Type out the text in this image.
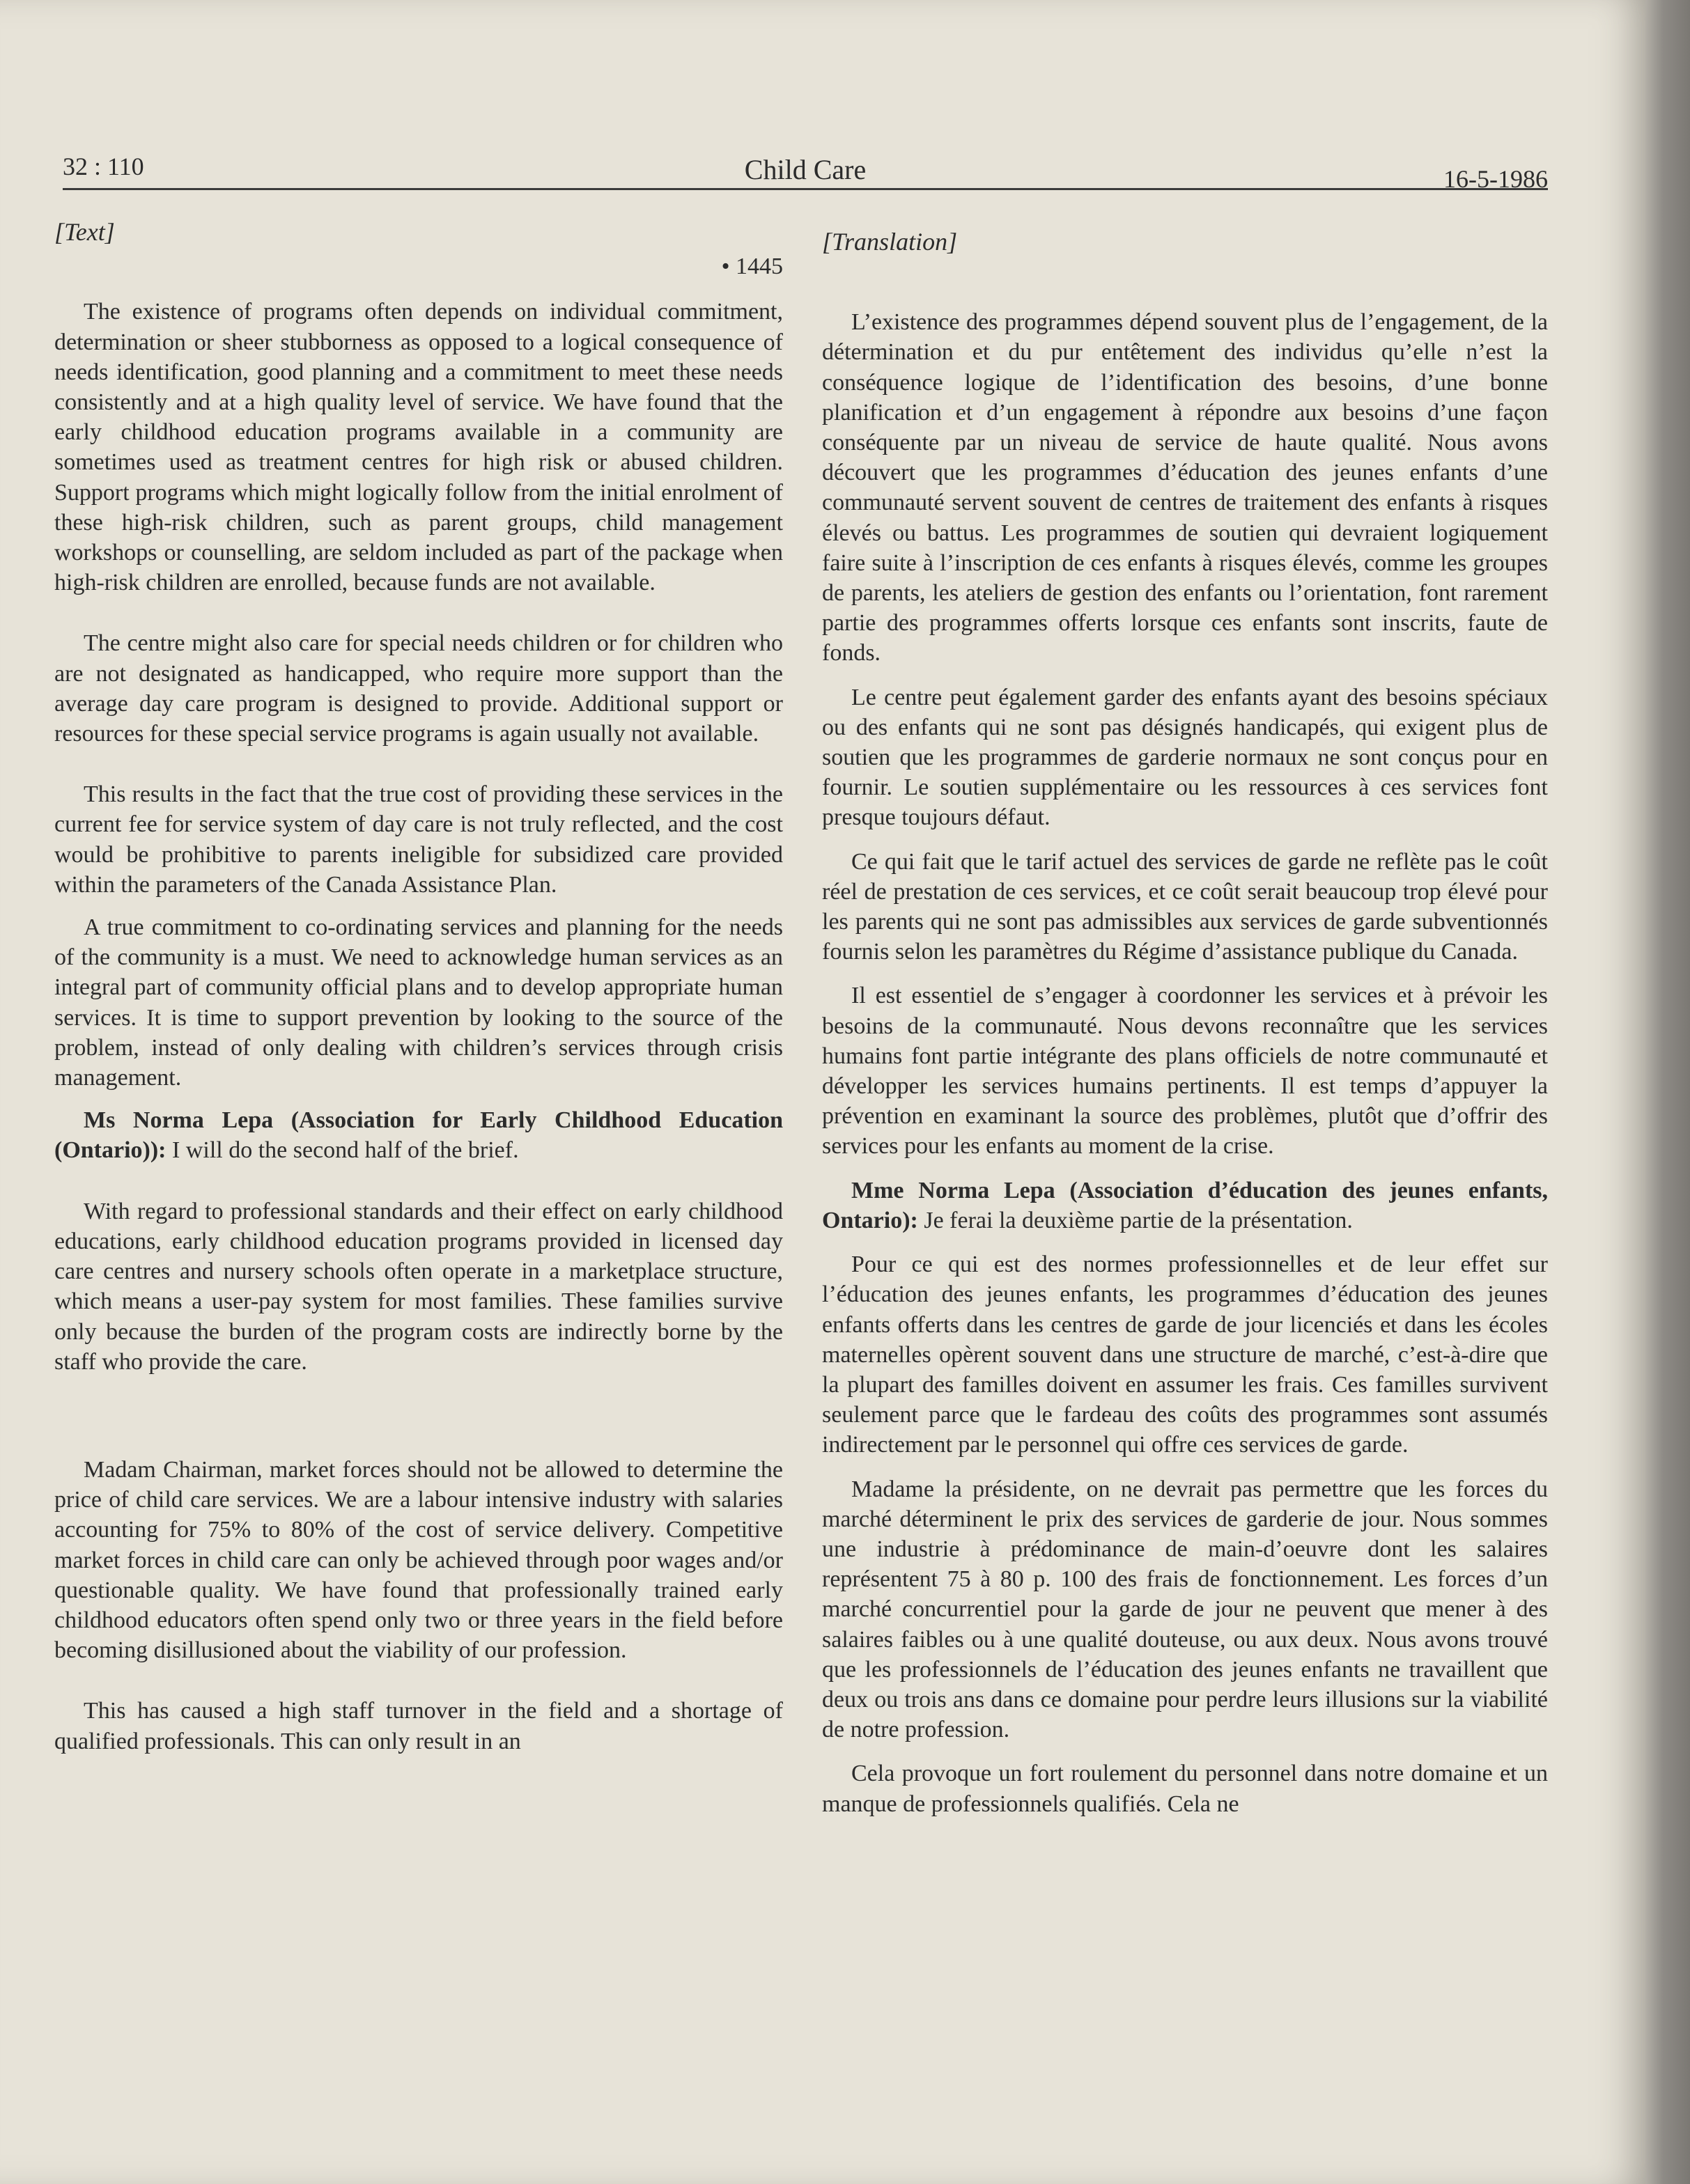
32 : 110	Child Care	16-5-1986
[Text]
• 1445

The existence of programs often depends on individual commitment, determination or sheer stubborness as opposed to a logical consequence of needs identification, good planning and a commitment to meet these needs consistently and at a high quality level of service. We have found that the early childhood education programs available in a community are sometimes used as treatment centres for high risk or abused children. Support programs which might logically follow from the initial enrolment of these high-risk children, such as parent groups, child management workshops or counselling, are seldom included as part of the package when high-risk children are enrolled, because funds are not available.

The centre might also care for special needs children or for children who are not designated as handicapped, who require more support than the average day care program is designed to provide. Additional support or resources for these special service programs is again usually not available.

This results in the fact that the true cost of providing these services in the current fee for service system of day care is not truly reflected, and the cost would be prohibitive to parents ineligible for subsidized care provided within the parameters of the Canada Assistance Plan.

A true commitment to co-ordinating services and planning for the needs of the community is a must. We need to acknowledge human services as an integral part of community official plans and to develop appropriate human services. It is time to support prevention by looking to the source of the problem, instead of only dealing with children’s services through crisis management.

Ms Norma Lepa (Association for Early Childhood Education (Ontario)): I will do the second half of the brief.

With regard to professional standards and their effect on early childhood educations, early childhood education programs provided in licensed day care centres and nursery schools often operate in a marketplace structure, which means a user-pay system for most families. These families survive only because the burden of the program costs are indirectly borne by the staff who provide the care.

Madam Chairman, market forces should not be allowed to determine the price of child care services. We are a labour intensive industry with salaries accounting for 75% to 80% of the cost of service delivery. Competitive market forces in child care can only be achieved through poor wages and/or questionable quality. We have found that professionally trained early childhood educators often spend only two or three years in the field before becoming disillusioned about the viability of our profession.

This has caused a high staff turnover in the field and a shortage of qualified professionals. This can only result in an

[Translation]

L’existence des programmes dépend souvent plus de l’engagement, de la détermination et du pur entêtement des individus qu’elle n’est la conséquence logique de l’identification des besoins, d’une bonne planification et d’un engagement à répondre aux besoins d’une façon conséquente par un niveau de service de haute qualité. Nous avons découvert que les programmes d’éducation des jeunes enfants d’une communauté servent souvent de centres de traitement des enfants à risques élevés ou battus. Les programmes de soutien qui devraient logiquement faire suite à l’inscription de ces enfants à risques élevés, comme les groupes de parents, les ateliers de gestion des enfants ou l’orientation, font rarement partie des programmes offerts lorsque ces enfants sont inscrits, faute de fonds.

Le centre peut également garder des enfants ayant des besoins spéciaux ou des enfants qui ne sont pas désignés handicapés, qui exigent plus de soutien que les programmes de garderie normaux ne sont conçus pour en fournir. Le soutien supplémentaire ou les ressources à ces services font presque toujours défaut.

Ce qui fait que le tarif actuel des services de garde ne reflète pas le coût réel de prestation de ces services, et ce coût serait beaucoup trop élevé pour les parents qui ne sont pas admissibles aux services de garde subventionnés fournis selon les paramètres du Régime d’assistance publique du Canada.

Il est essentiel de s’engager à coordonner les services et à prévoir les besoins de la communauté. Nous devons reconnaître que les services humains font partie intégrante des plans officiels de notre communauté et développer les services humains pertinents. Il est temps d’appuyer la prévention en examinant la source des problèmes, plutôt que d’offrir des services pour les enfants au moment de la crise.

Mme Norma Lepa (Association d’éducation des jeunes enfants, Ontario): Je ferai la deuxième partie de la présentation.

Pour ce qui est des normes professionnelles et de leur effet sur l’éducation des jeunes enfants, les programmes d’éducation des jeunes enfants offerts dans les centres de garde de jour licenciés et dans les écoles maternelles opèrent souvent dans une structure de marché, c’est-à-dire que la plupart des familles doivent en assumer les frais. Ces familles survivent seulement parce que le fardeau des coûts des programmes sont assumés indirectement par le personnel qui offre ces services de garde.

Madame la présidente, on ne devrait pas permettre que les forces du marché déterminent le prix des services de garderie de jour. Nous sommes une industrie à prédominance de main-d’oeuvre dont les salaires représentent 75 à 80 p. 100 des frais de fonctionnement. Les forces d’un marché concurrentiel pour la garde de jour ne peuvent que mener à des salaires faibles ou à une qualité douteuse, ou aux deux. Nous avons trouvé que les professionnels de l’éducation des jeunes enfants ne travaillent que deux ou trois ans dans ce domaine pour perdre leurs illusions sur la viabilité de notre profession.

Cela provoque un fort roulement du personnel dans notre domaine et un manque de professionnels qualifiés. Cela ne
